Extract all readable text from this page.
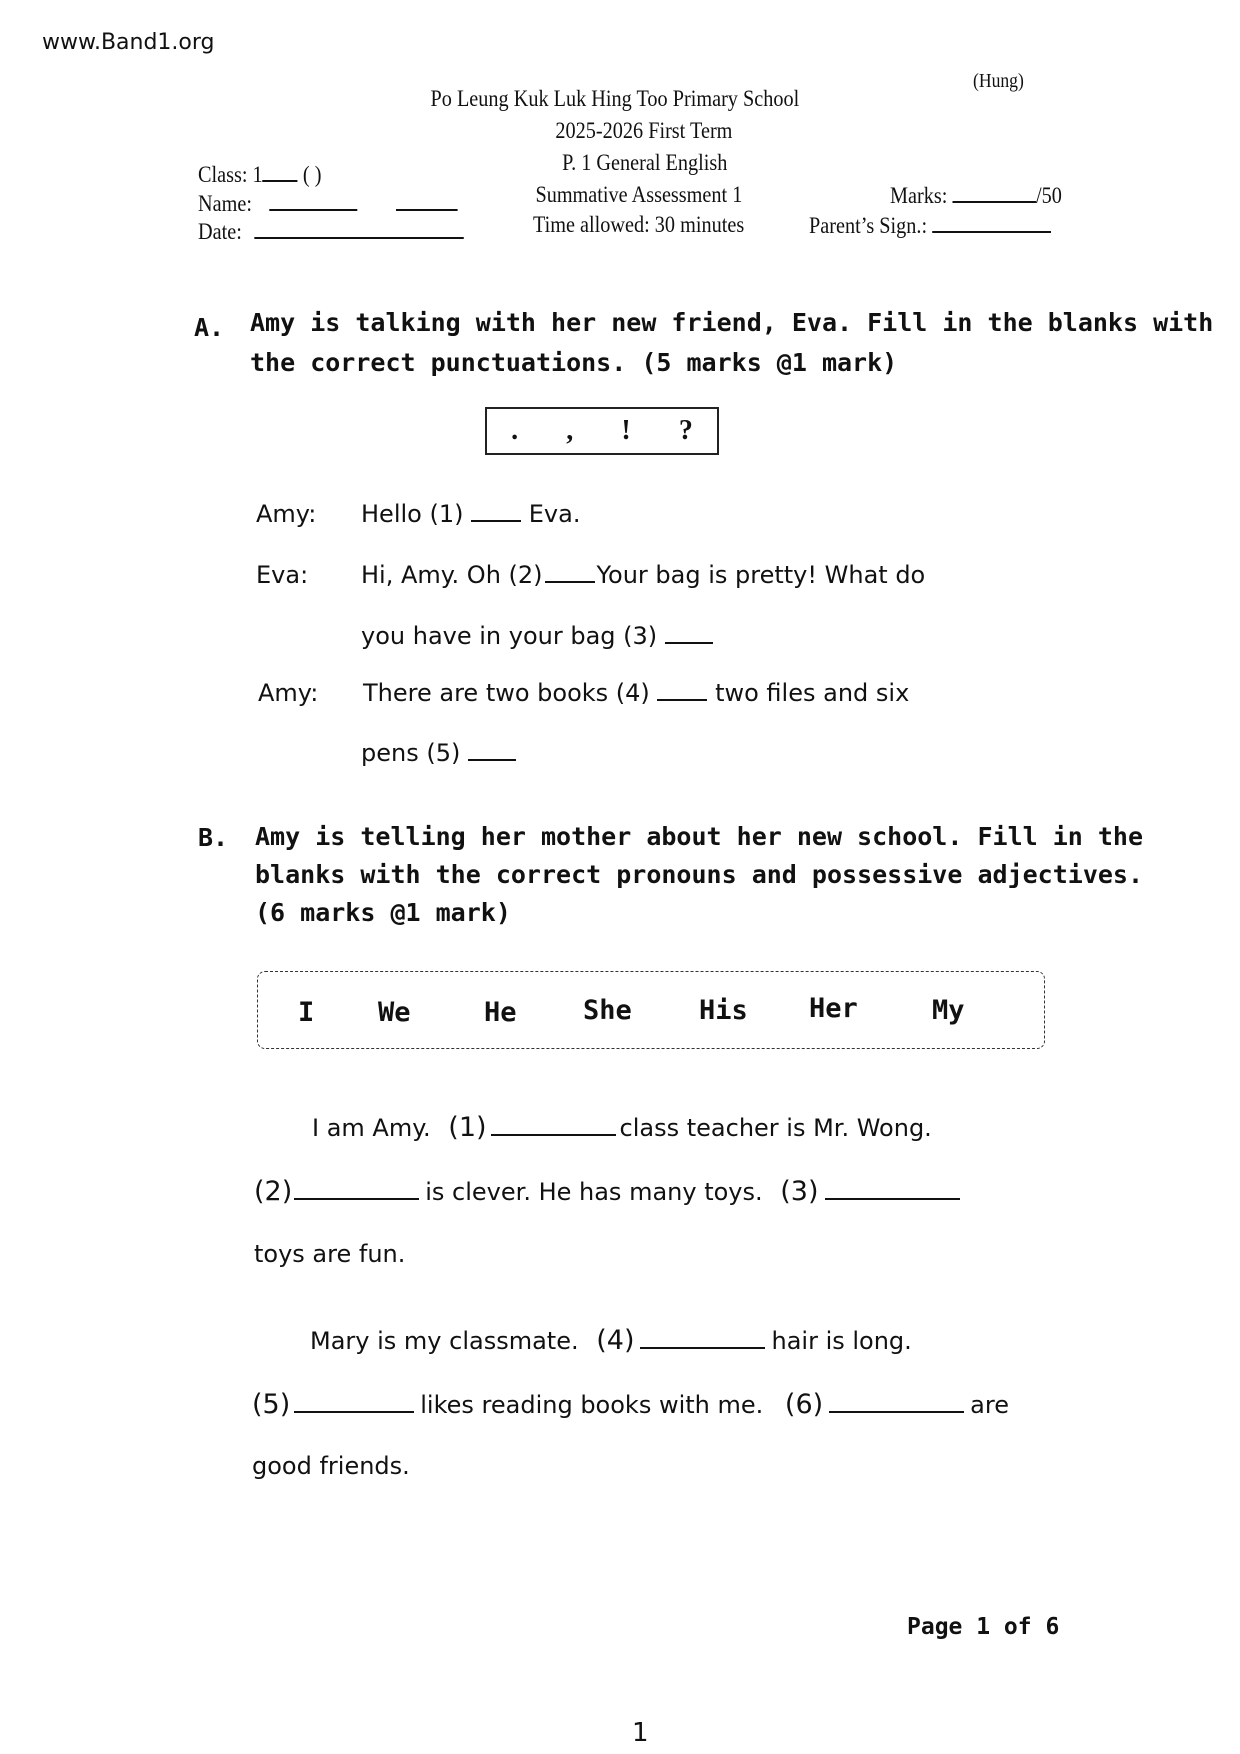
www.Band1.org
(Hung)
Po Leung Kuk Luk Hing Too Primary School
2025-2026 First Term
P. 1 General English
Summative Assessment 1
Time allowed: 30 minutes
Class: 1 ( )
Name:
Date:
Marks:	/50
Parent’s Sign.:
A. Amy is talking with her new friend, Eva. Fill in the blanks with
the correct punctuations. (5 marks @1 mark)
. , ! ?
Amy: Hello (1)	Eva.
Eva: Hi, Amy. Oh (2) Your bag is pretty! What do
you have in your bag (3)
Amy: There are two books (4)	two files and six
pens (5)
B. Amy is telling her mother about her new school. Fill in the
blanks with the correct pronouns and possessive adjectives.
(6 marks @1 mark)
I We	He She His Her	My
I am Amy. (1)	class teacher is Mr. Wong.
(2)	is clever. He has many toys. (3)
toys are fun.
Mary is my classmate. (4)	hair is long.
(5)	likes reading books with me. (6)	are
good friends.
Page 1 of 6
1
